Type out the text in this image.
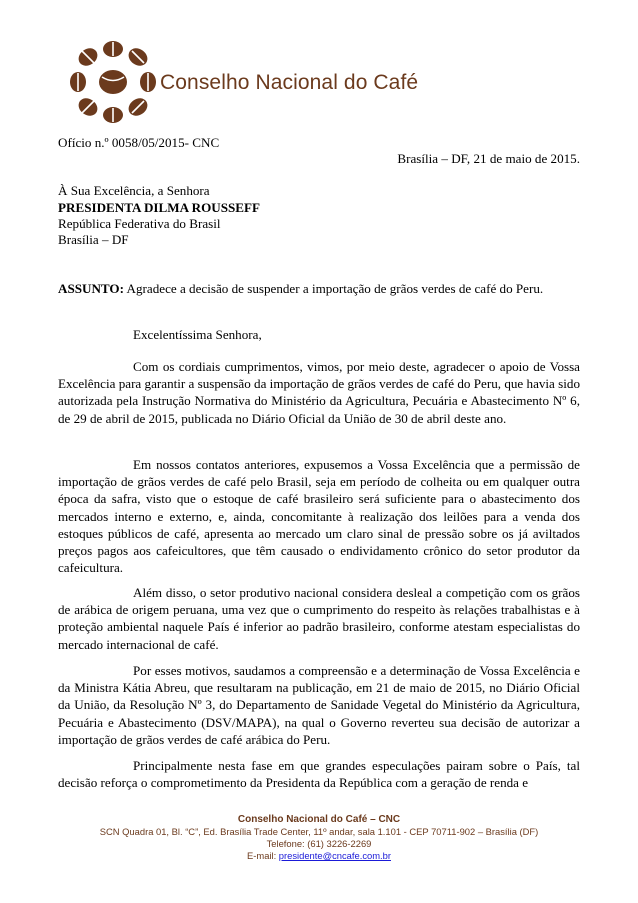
Conselho Nacional do Café
Ofício n.º 0058/05/2015- CNC
Brasília – DF, 21 de maio de 2015.
À Sua Excelência, a Senhora
PRESIDENTA DILMA ROUSSEFF
República Federativa do Brasil
Brasília – DF
ASSUNTO: Agradece a decisão de suspender a importação de grãos verdes de café do Peru.
Excelentíssima Senhora,

Com os cordiais cumprimentos, vimos, por meio deste, agradecer o apoio de Vossa Excelência para garantir a suspensão da importação de grãos verdes de café do Peru, que havia sido autorizada pela Instrução Normativa do Ministério da Agricultura, Pecuária e Abastecimento Nº 6, de 29 de abril de 2015, publicada no Diário Oficial da União de 30 de abril deste ano.

Em nossos contatos anteriores, expusemos a Vossa Excelência que a permissão de importação de grãos verdes de café pelo Brasil, seja em período de colheita ou em qualquer outra época da safra, visto que o estoque de café brasileiro será suficiente para o abastecimento dos mercados interno e externo, e, ainda, concomitante à realização dos leilões para a venda dos estoques públicos de café, apresenta ao mercado um claro sinal de pressão sobre os já aviltados preços pagos aos cafeicultores, que têm causado o endividamento crônico do setor produtor da cafeicultura.

Além disso, o setor produtivo nacional considera desleal a competição com os grãos de arábica de origem peruana, uma vez que o cumprimento do respeito às relações trabalhistas e à proteção ambiental naquele País é inferior ao padrão brasileiro, conforme atestam especialistas do mercado internacional de café.

Por esses motivos, saudamos a compreensão e a determinação de Vossa Excelência e da Ministra Kátia Abreu, que resultaram na publicação, em 21 de maio de 2015, no Diário Oficial da União, da Resolução Nº 3, do Departamento de Sanidade Vegetal do Ministério da Agricultura, Pecuária e Abastecimento (DSV/MAPA), na qual o Governo reverteu sua decisão de autorizar a importação de grãos verdes de café arábica do Peru.

Principalmente nesta fase em que grandes especulações pairam sobre o País, tal decisão reforça o comprometimento da Presidenta da República com a geração de renda e

Conselho Nacional do Café – CNC
SCN Quadra 01, Bl. “C”, Ed. Brasília Trade Center, 11º andar, sala 1.101 - CEP 70711-902 – Brasília (DF)
Telefone: (61) 3226-2269
E-mail: presidente@cncafe.com.br
